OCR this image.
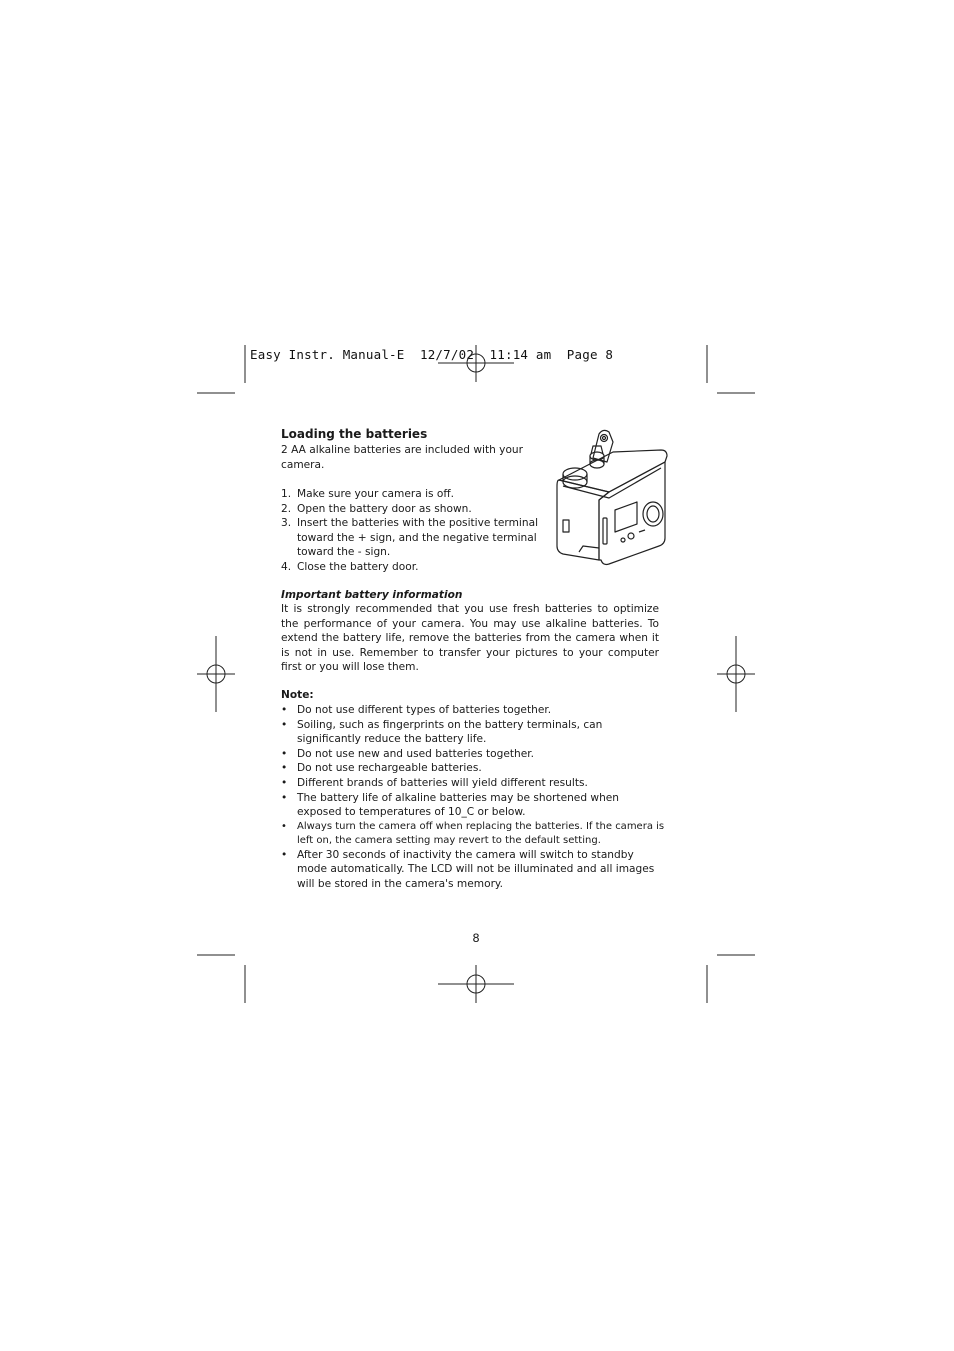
Easy Instr. Manual-E 12/7/02 11:14 am Page 8
Loading the batteries
2 AA alkaline batteries are included with your camera.
1. Make sure your camera is off.
2. Open the battery door as shown.
3. Insert the batteries with the positive terminal toward the + sign, and the negative terminal toward the - sign.
4. Close the battery door.
Important battery information
It is strongly recommended that you use fresh batteries to optimize the performance of your camera. You may use alkaline batteries. To extend the battery life, remove the batteries from the camera when it is not in use. Remember to transfer your pictures to your computer first or you will lose them.
Note:
• Do not use different types of batteries together.
• Soiling, such as fingerprints on the battery terminals, can significantly reduce the battery life.
• Do not use new and used batteries together.
• Do not use rechargeable batteries.
• Different brands of batteries will yield different results.
• The battery life of alkaline batteries may be shortened when exposed to temperatures of 10_C or below.
• Always turn the camera off when replacing the batteries. If the camera is left on, the camera setting may revert to the default setting.
• After 30 seconds of inactivity the camera will switch to standby mode automatically. The LCD will not be illuminated and all images will be stored in the camera's memory.
8
